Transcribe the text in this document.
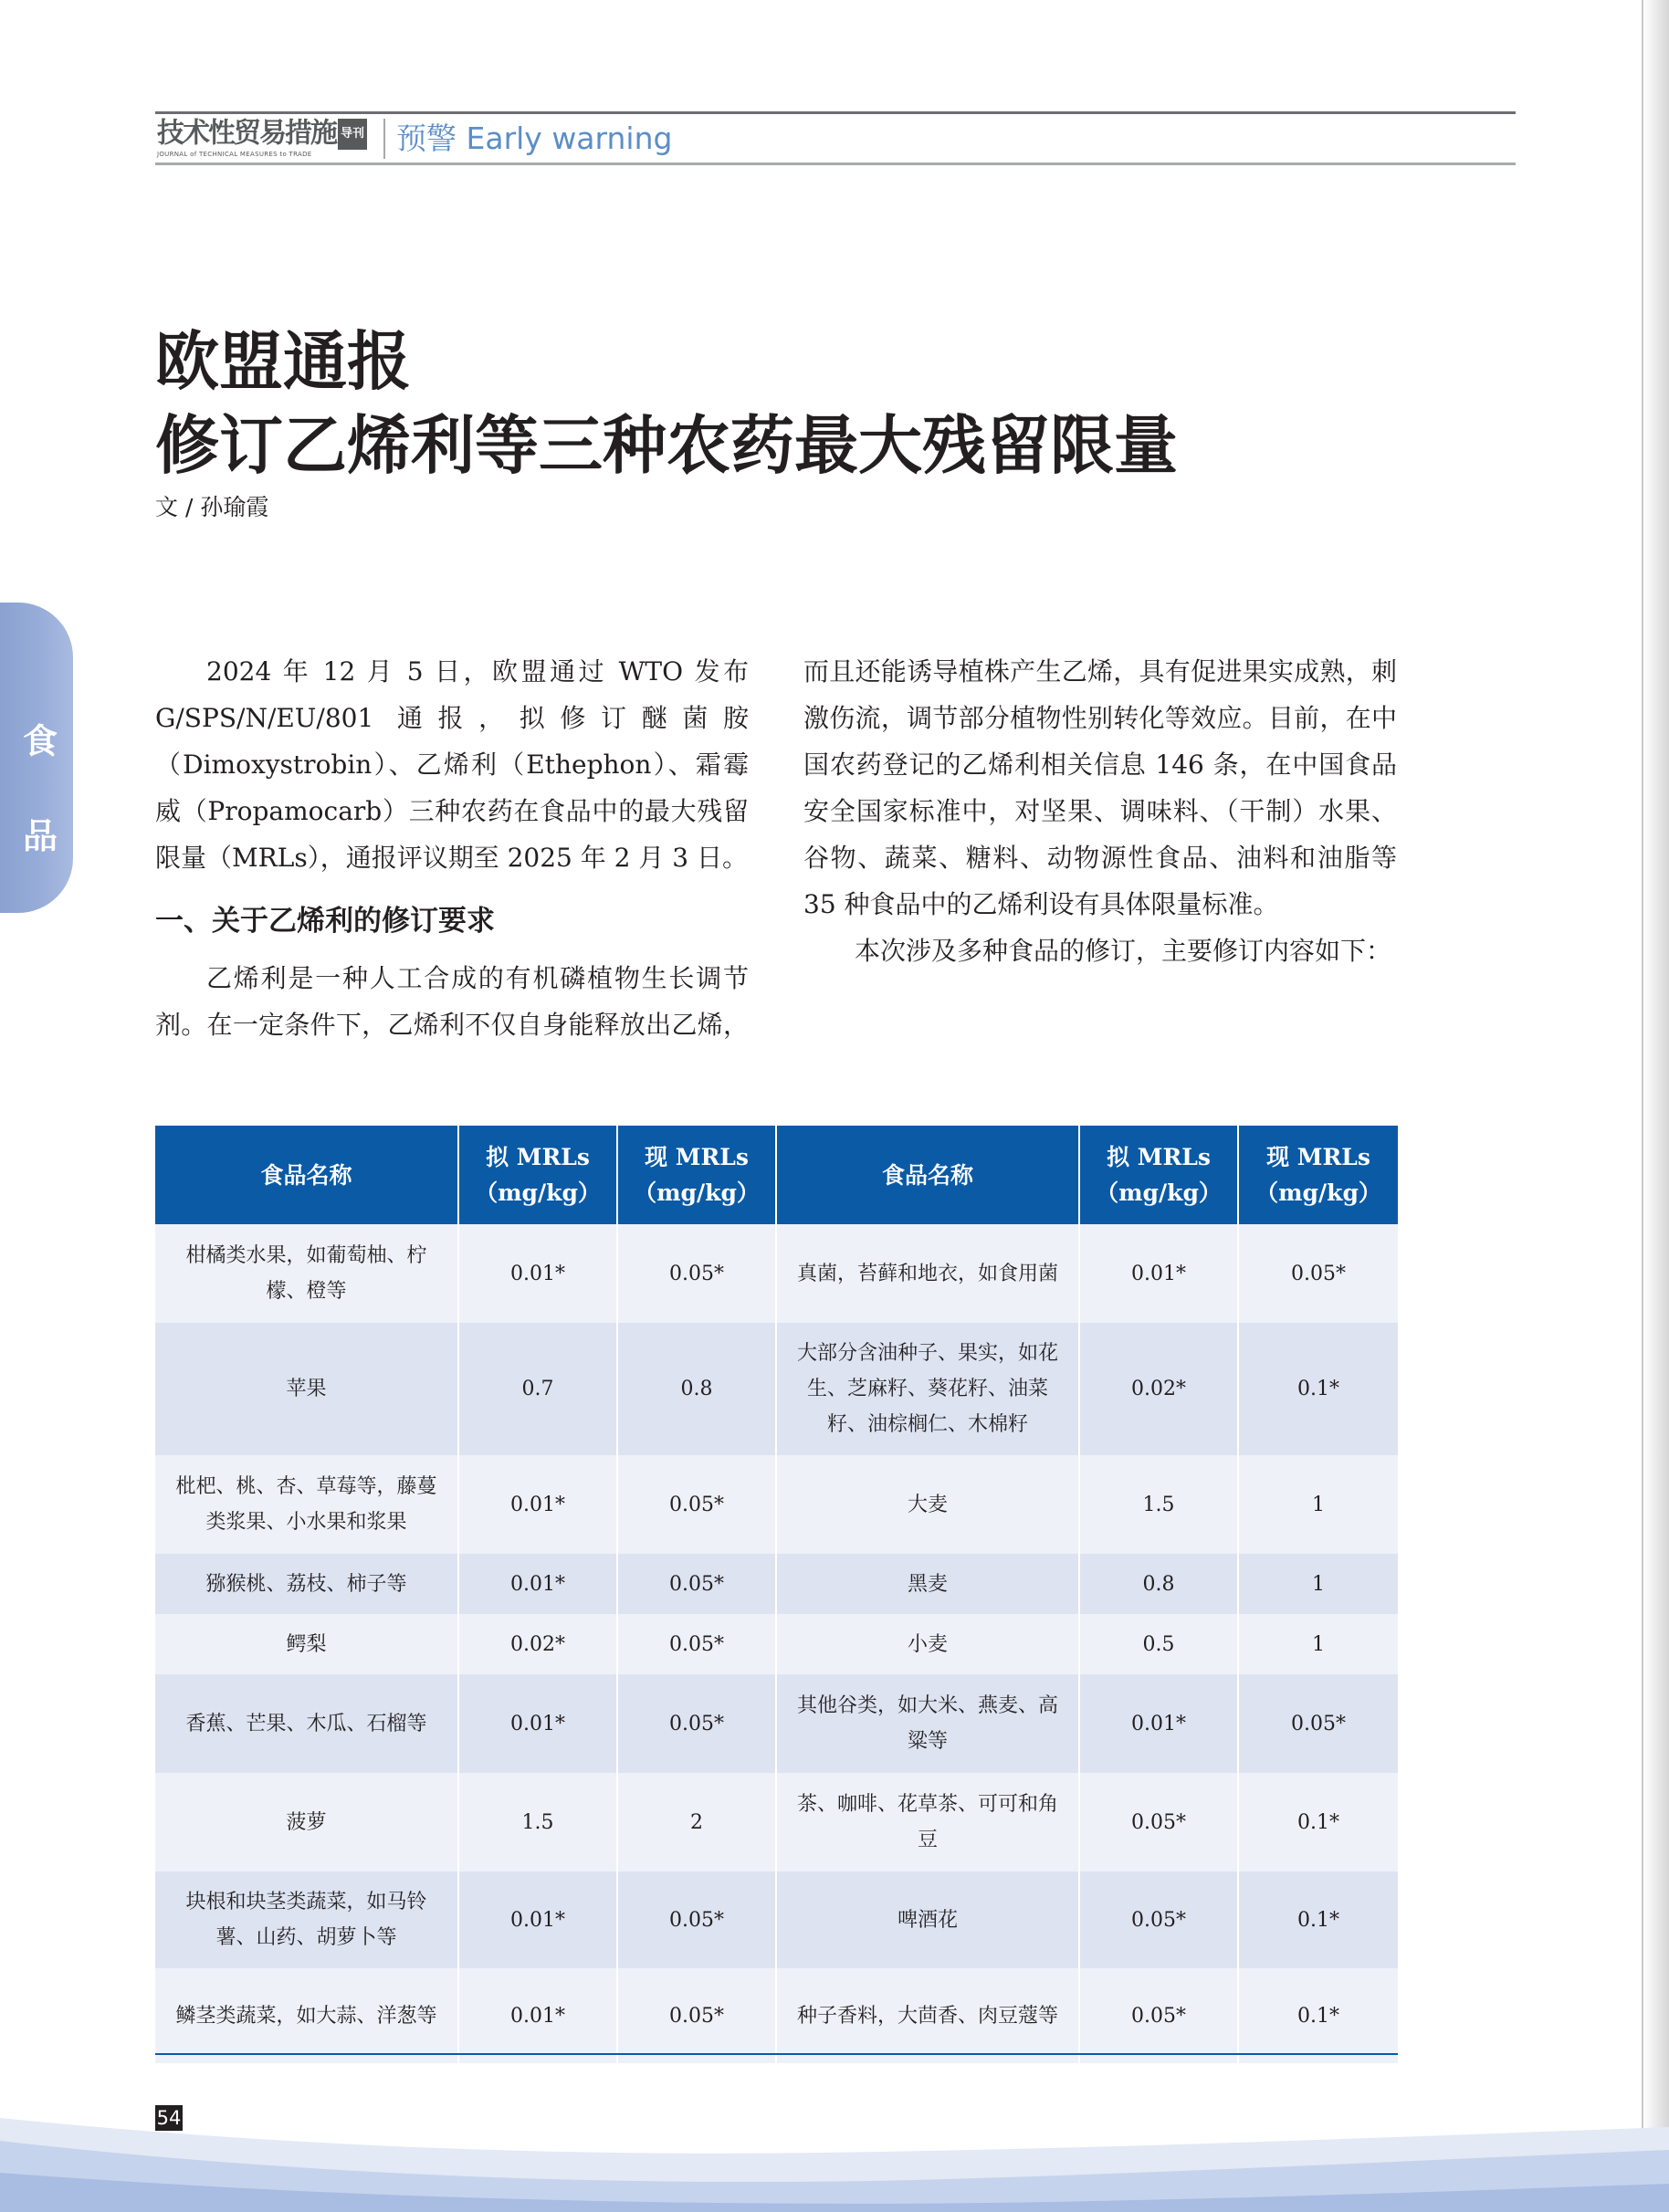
技术性贸易措施 导刊
JOURNAL of TECHNICAL MEASURES to TRADE	预警 Early warning
食 品
欧盟通报
修订乙烯利等三种农药最大残留限量
文 / 孙瑜霞

2024 年 12 月 5 日，欧盟通过 WTO 发布 G/SPS/N/EU/801 通报，拟修订醚菌胺（Dimoxystrobin）、乙烯利（Ethephon）、霜霉威（Propamocarb）三种农药在食品中的最大残留限量（MRLs），通报评议期至 2025 年 2 月 3 日。

一、关于乙烯利的修订要求

乙烯利是一种人工合成的有机磷植物生长调节剂。在一定条件下，乙烯利不仅自身能释放出乙烯，

而且还能诱导植株产生乙烯，具有促进果实成熟，刺激伤流，调节部分植物性别转化等效应。目前，在中国农药登记的乙烯利相关信息 146 条，在中国食品安全国家标准中，对坚果、调味料、（干制）水果、谷物、蔬菜、糖料、动物源性食品、油料和油脂等 35 种食品中的乙烯利设有具体限量标准。

本次涉及多种食品的修订，主要修订内容如下：

食品名称	拟 MRLs（mg/kg）	现 MRLs（mg/kg）	食品名称	拟 MRLs（mg/kg）	现 MRLs（mg/kg）
柑橘类水果，如葡萄柚、柠檬、橙等	0.01*	0.05*	真菌，苔藓和地衣，如食用菌	0.01*	0.05*
苹果	0.7	0.8	大部分含油种子、果实，如花生、芝麻籽、葵花籽、油菜籽、油棕榈仁、木棉籽	0.02*	0.1*
枇杷、桃、杏、草莓等，藤蔓类浆果、小水果和浆果	0.01*	0.05*	大麦	1.5	1
猕猴桃、荔枝、柿子等	0.01*	0.05*	黑麦	0.8	1
鳄梨	0.02*	0.05*	小麦	0.5	1
香蕉、芒果、木瓜、石榴等	0.01*	0.05*	其他谷类，如大米、燕麦、高粱等	0.01*	0.05*
菠萝	1.5	2	茶、咖啡、花草茶、可可和角豆	0.05*	0.1*
块根和块茎类蔬菜，如马铃薯、山药、胡萝卜等	0.01*	0.05*	啤酒花	0.05*	0.1*
鳞茎类蔬菜，如大蒜、洋葱等	0.01*	0.05*	种子香料，大茴香、肉豆蔻等	0.05*	0.1*
54
